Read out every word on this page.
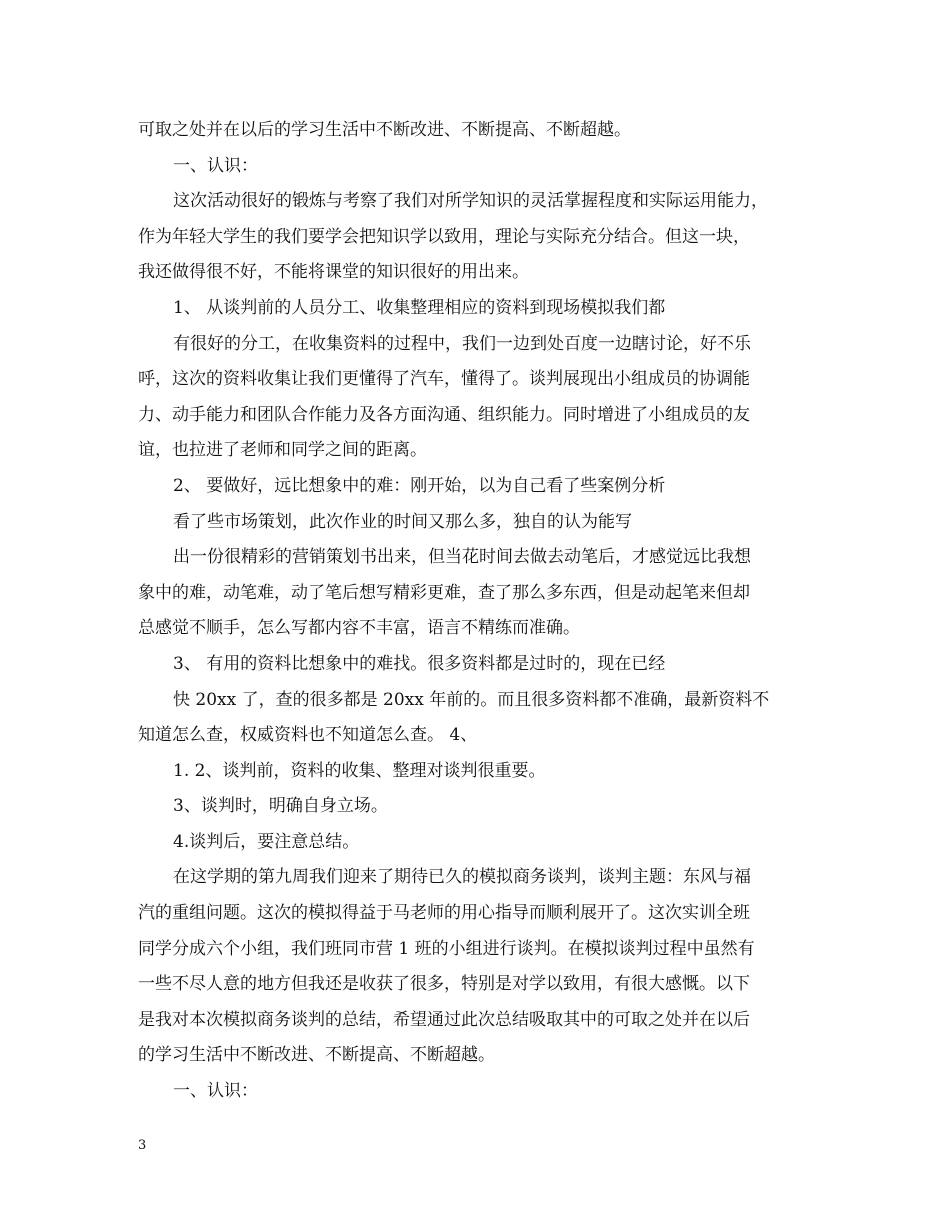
可取之处并在以后的学习生活中不断改进、不断提高、不断超越。
一、认识：
这次活动很好的锻炼与考察了我们对所学知识的灵活掌握程度和实际运用能力，
作为年轻大学生的我们要学会把知识学以致用，理论与实际充分结合。但这一块，
我还做得很不好，不能将课堂的知识很好的用出来。
1、 从谈判前的人员分工、收集整理相应的资料到现场模拟我们都
有很好的分工，在收集资料的过程中，我们一边到处百度一边瞎讨论，好不乐
呼，这次的资料收集让我们更懂得了汽车，懂得了。谈判展现出小组成员的协调能
力、动手能力和团队合作能力及各方面沟通、组织能力。同时增进了小组成员的友
谊，也拉进了老师和同学之间的距离。
2、 要做好，远比想象中的难：刚开始，以为自己看了些案例分析
看了些市场策划，此次作业的时间又那么多，独自的认为能写
出一份很精彩的营销策划书出来，但当花时间去做去动笔后，才感觉远比我想
象中的难，动笔难，动了笔后想写精彩更难，查了那么多东西，但是动起笔来但却
总感觉不顺手，怎么写都内容不丰富，语言不精练而准确。
3、 有用的资料比想象中的难找。很多资料都是过时的，现在已经
快 20xx 了，查的很多都是 20xx 年前的。而且很多资料都不准确，最新资料不
知道怎么查，权威资料也不知道怎么查。 4、
1. 2、谈判前，资料的收集、整理对谈判很重要。
3、谈判时，明确自身立场。
4.谈判后，要注意总结。
在这学期的第九周我们迎来了期待已久的模拟商务谈判，谈判主题：东风与福
汽的重组问题。这次的模拟得益于马老师的用心指导而顺利展开了。这次实训全班
同学分成六个小组，我们班同市营 1 班的小组进行谈判。在模拟谈判过程中虽然有
一些不尽人意的地方但我还是收获了很多，特别是对学以致用，有很大感慨。以下
是我对本次模拟商务谈判的总结，希望通过此次总结吸取其中的可取之处并在以后
的学习生活中不断改进、不断提高、不断超越。
一、认识：
3
